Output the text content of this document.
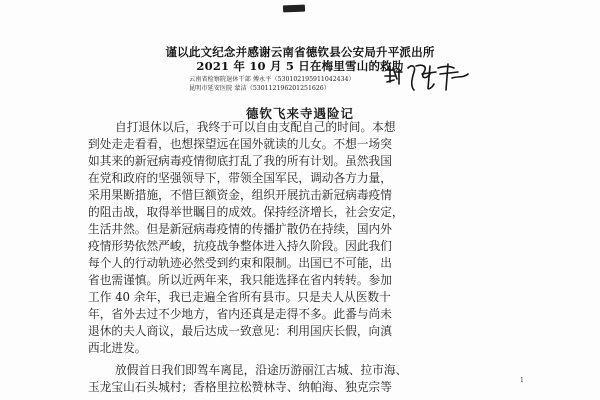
谨以此文纪念并感谢云南省德钦县公安局升平派出所
2021 年 10 月 5 日在梅里雪山的救助
云南省检察院退休干部 傅永平（530102195911042434）
昆明市延安医院 蒙洁（530112196201251626）
德钦飞来寺遇险记
自打退休以后，我终于可以自由支配自己的时间。本想
到处走走看看，也想探望远在国外就读的儿女。不想一场突
如其来的新冠病毒疫情彻底打乱了我的所有计划。虽然我国
在党和政府的坚强领导下，带领全国军民，调动各方力量，
采用果断措施，不惜巨额资金，组织开展抗击新冠病毒疫情
的阻击战，取得举世瞩目的成效。保持经济增长，社会安定，
生活井然。但是新冠病毒疫情的传播扩散仍在持续，国内外
疫情形势依然严峻，抗疫战争整体进入持久阶段。因此我们
每个人的行动轨迹必然受到约束和限制。出国已不可能，出
省也需谨慎。所以近两年来，我只能选择在省内转转。参加
工作 40 余年，我已走遍全省所有县市。只是夫人从医数十
年，省外去过不少地方，省内还真是走得不多。此番与尚未
退休的夫人商议，最后达成一致意见：利用国庆长假，向滇
西北进发。
放假首日我们即驾车离昆，沿途历游丽江古城、拉市海、
玉龙宝山石头城村；香格里拉松赞林寺、纳帕海、独克宗等	1
